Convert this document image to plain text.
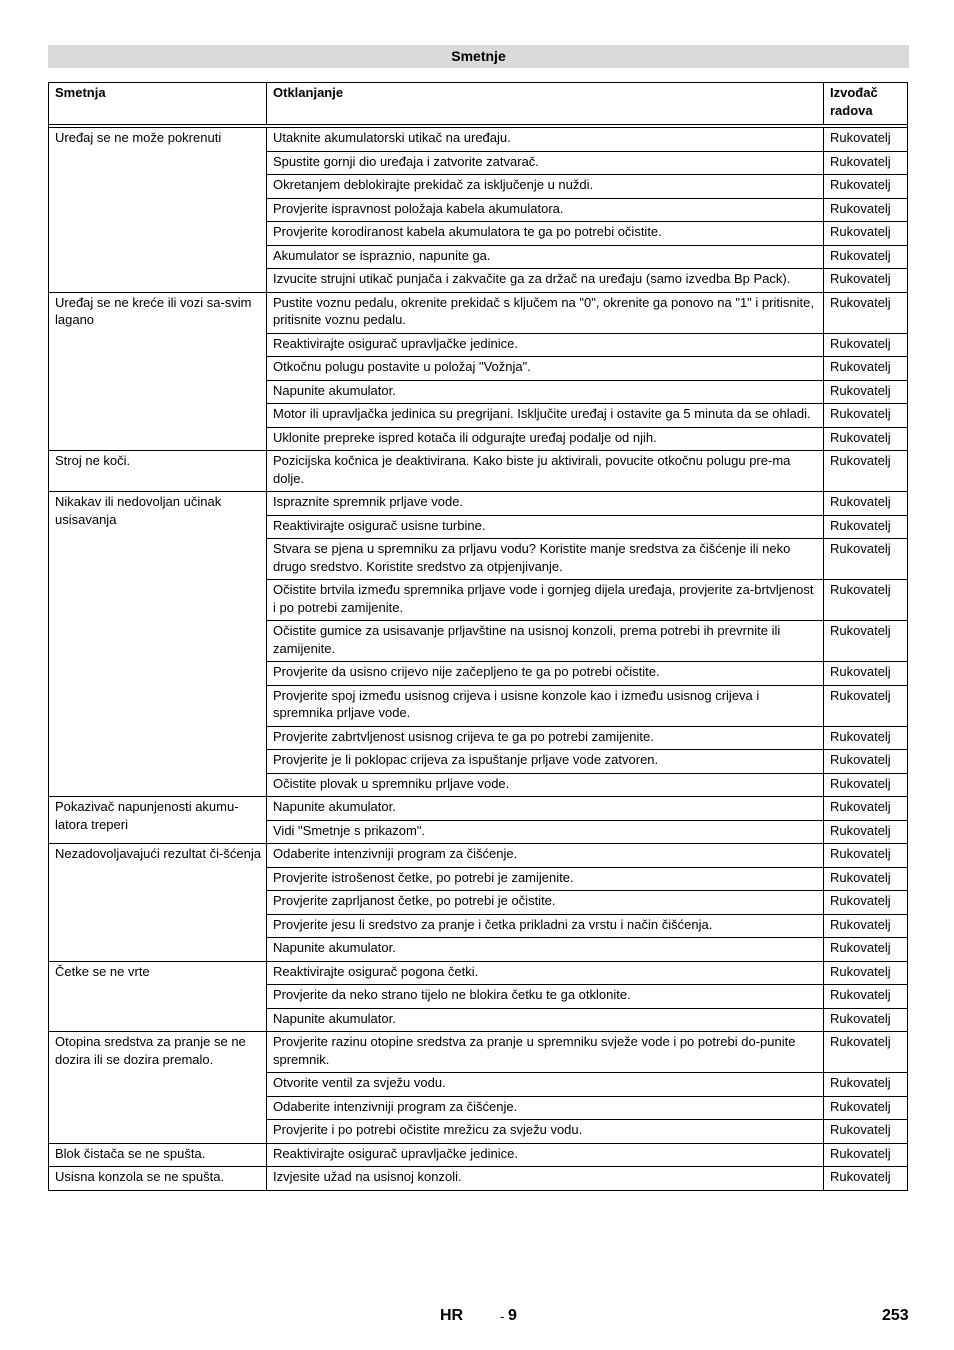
Smetnje
Smetnja	Otklanjanje	Izvođač radova

Uređaj se ne može pokrenuti	Utaknite akumulatorski utikač na uređaju.	Rukovatelj
	Spustite gornji dio uređaja i zatvorite zatvarač.	Rukovatelj
	Okretanjem deblokirajte prekidač za isključenje u nuždi.	Rukovatelj
	Provjerite ispravnost položaja kabela akumulatora.	Rukovatelj
	Provjerite korodiranost kabela akumulatora te ga po potrebi očistite.	Rukovatelj
	Akumulator se ispraznio, napunite ga.	Rukovatelj
	Izvucite strujni utikač punjača i zakvačite ga za držač na uređaju (samo izvedba Bp Pack).	Rukovatelj
Uređaj se ne kreće ili vozi sa-svim lagano	Pustite voznu pedalu, okrenite prekidač s ključem na "0", okrenite ga ponovo na "1" i pritisnite, pritisnite voznu pedalu.	Rukovatelj
	Reaktivirajte osigurač upravljačke jedinice.	Rukovatelj
	Otkočnu polugu postavite u položaj "Vožnja".	Rukovatelj
	Napunite akumulator.	Rukovatelj
	Motor ili upravljačka jedinica su pregrijani. Isključite uređaj i ostavite ga 5 minuta da se ohladi.	Rukovatelj
	Uklonite prepreke ispred kotača ili odgurajte uređaj podalje od njih.	Rukovatelj
Stroj ne koči.	Pozicijska kočnica je deaktivirana. Kako biste ju aktivirali, povucite otkočnu polugu pre-ma dolje.	Rukovatelj
Nikakav ili nedovoljan učinak usisavanja	Ispraznite spremnik prljave vode.	Rukovatelj
	Reaktivirajte osigurač usisne turbine.	Rukovatelj
	Stvara se pjena u spremniku za prljavu vodu? Koristite manje sredstva za čišćenje ili neko drugo sredstvo. Koristite sredstvo za otpjenjivanje.	Rukovatelj
	Očistite brtvila između spremnika prljave vode i gornjeg dijela uređaja, provjerite za-brtvljenost i po potrebi zamijenite.	Rukovatelj
	Očistite gumice za usisavanje prljavštine na usisnoj konzoli, prema potrebi ih prevrnite ili zamijenite.	Rukovatelj
	Provjerite da usisno crijevo nije začepljeno te ga po potrebi očistite.	Rukovatelj
	Provjerite spoj između usisnog crijeva i usisne konzole kao i između usisnog crijeva i spremnika prljave vode.	Rukovatelj
	Provjerite zabrtvljenost usisnog crijeva te ga po potrebi zamijenite.	Rukovatelj
	Provjerite je li poklopac crijeva za ispuštanje prljave vode zatvoren.	Rukovatelj
	Očistite plovak u spremniku prljave vode.	Rukovatelj
Pokazivač napunjenosti akumu-latora treperi	Napunite akumulator.	Rukovatelj
	Vidi "Smetnje s prikazom".	Rukovatelj
Nezadovoljavajući rezultat či-šćenja	Odaberite intenzivniji program za čišćenje.	Rukovatelj
	Provjerite istrošenost četke, po potrebi je zamijenite.	Rukovatelj
	Provjerite zaprljanost četke, po potrebi je očistite.	Rukovatelj
	Provjerite jesu li sredstvo za pranje i četka prikladni za vrstu i način čišćenja.	Rukovatelj
	Napunite akumulator.	Rukovatelj
Četke se ne vrte	Reaktivirajte osigurač pogona četki.	Rukovatelj
	Provjerite da neko strano tijelo ne blokira četku te ga otklonite.	Rukovatelj
	Napunite akumulator.	Rukovatelj
Otopina sredstva za pranje se ne dozira ili se dozira premalo.	Provjerite razinu otopine sredstva za pranje u spremniku svježe vode i po potrebi do-punite spremnik.	Rukovatelj
	Otvorite ventil za svježu vodu.	Rukovatelj
	Odaberite intenzivniji program za čišćenje.	Rukovatelj
	Provjerite i po potrebi očistite mrežicu za svježu vodu.	Rukovatelj
Blok čistača se ne spušta.	Reaktivirajte osigurač upravljačke jedinice.	Rukovatelj
Usisna konzola se ne spušta.	Izvjesite užad na usisnoj konzoli.	Rukovatelj
HR	- 9	253
